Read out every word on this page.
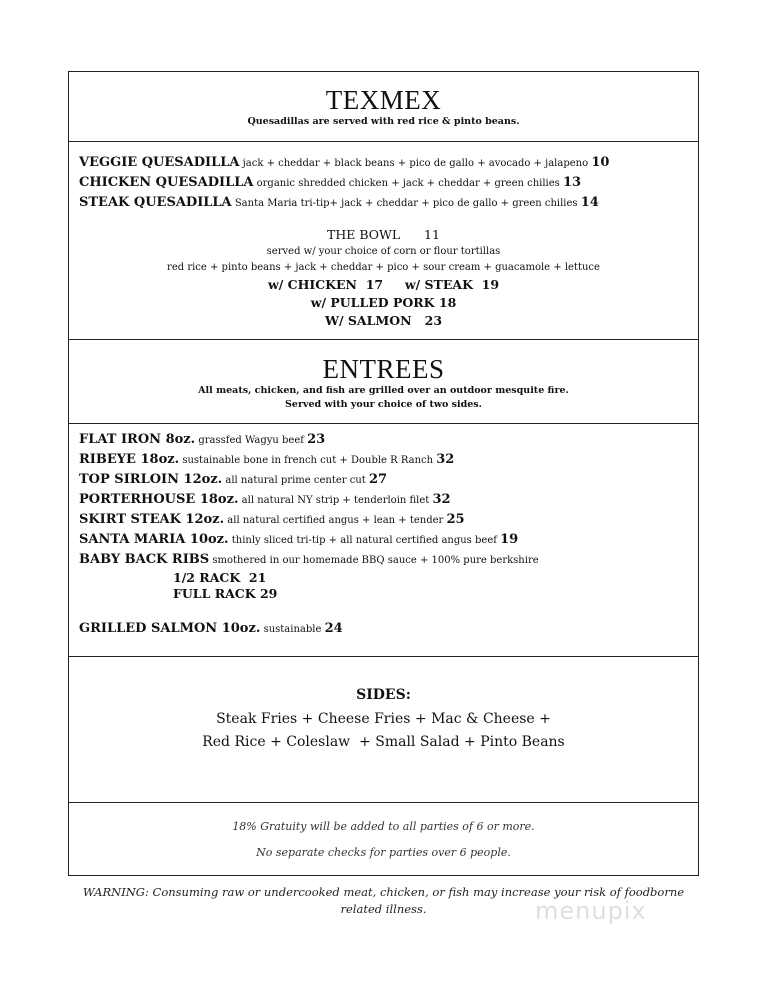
TEXMEX
Quesadillas are served with red rice & pinto beans.
VEGGIE QUESADILLA jack + cheddar + black beans + pico de gallo + avocado + jalapeno 10
CHICKEN QUESADILLA organic shredded chicken + jack + cheddar + green chilies 13
STEAK QUESADILLA Santa Maria tri-tip+ jack + cheddar + pico de gallo + green chilies 14
THE BOWL      11
served w/ your choice of corn or flour tortillas
red rice + pinto beans + jack + cheddar + pico + sour cream + guacamole + lettuce
w/ CHICKEN  17     w/ STEAK  19
w/ PULLED PORK 18
W/ SALMON   23
ENTREES
All meats, chicken, and fish are grilled over an outdoor mesquite fire.
Served with your choice of two sides.
FLAT IRON 8oz. grassfed Wagyu beef 23
RIBEYE 18oz. sustainable bone in french cut + Double R Ranch 32
TOP SIRLOIN 12oz. all natural prime center cut 27
PORTERHOUSE 18oz. all natural NY strip + tenderloin filet 32
SKIRT STEAK 12oz. all natural certified angus + lean + tender 25
SANTA MARIA 10oz. thinly sliced tri-tip + all natural certified angus beef 19
BABY BACK RIBS smothered in our homemade BBQ sauce + 100% pure berkshire
1/2 RACK  21
FULL RACK 29
GRILLED SALMON 10oz. sustainable 24
SIDES:
Steak Fries + Cheese Fries + Mac & Cheese +
Red Rice + Coleslaw  + Small Salad + Pinto Beans
18% Gratuity will be added to all parties of 6 or more.
No separate checks for parties over 6 people.
WARNING: Consuming raw or undercooked meat, chicken, or fish may increase your risk of foodborne
related illness.	menupix
